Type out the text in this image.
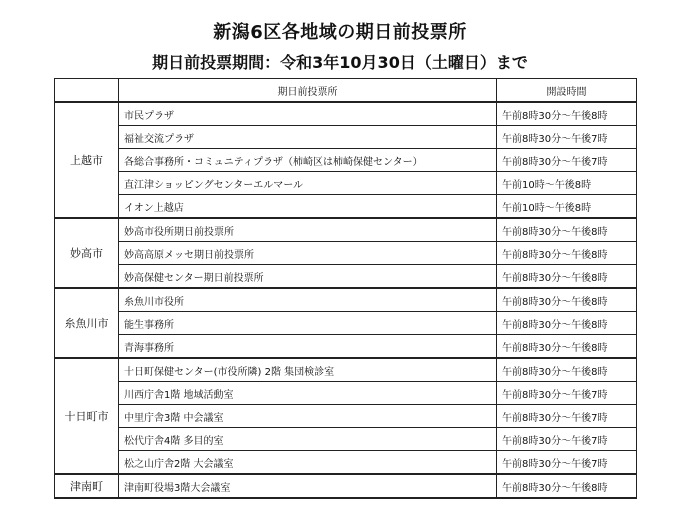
新潟6区各地域の期日前投票所
期日前投票期間：令和3年10月30日（土曜日）まで
	期日前投票所	開設時間
上越市	市民プラザ	午前8時30分～午後8時
	福祉交流プラザ	午前8時30分～午後7時
	各総合事務所・コミュニティプラザ（柿崎区は柿崎保健センター）	午前8時30分～午後7時
	直江津ショッピングセンターエルマール	午前10時～午後8時
	イオン上越店	午前10時～午後8時
妙高市	妙高市役所期日前投票所	午前8時30分～午後8時
	妙高高原メッセ期日前投票所	午前8時30分～午後8時
	妙高保健センター期日前投票所	午前8時30分～午後8時
糸魚川市	糸魚川市役所	午前8時30分～午後8時
	能生事務所	午前8時30分～午後8時
	青海事務所	午前8時30分～午後8時
十日町市	十日町保健センター(市役所隣) 2階 集団検診室	午前8時30分～午後8時
	川西庁舎1階 地域活動室	午前8時30分～午後7時
	中里庁舎3階 中会議室	午前8時30分～午後7時
	松代庁舎4階 多目的室	午前8時30分～午後7時
	松之山庁舎2階 大会議室	午前8時30分～午後7時
津南町	津南町役場3階大会議室	午前8時30分～午後8時
